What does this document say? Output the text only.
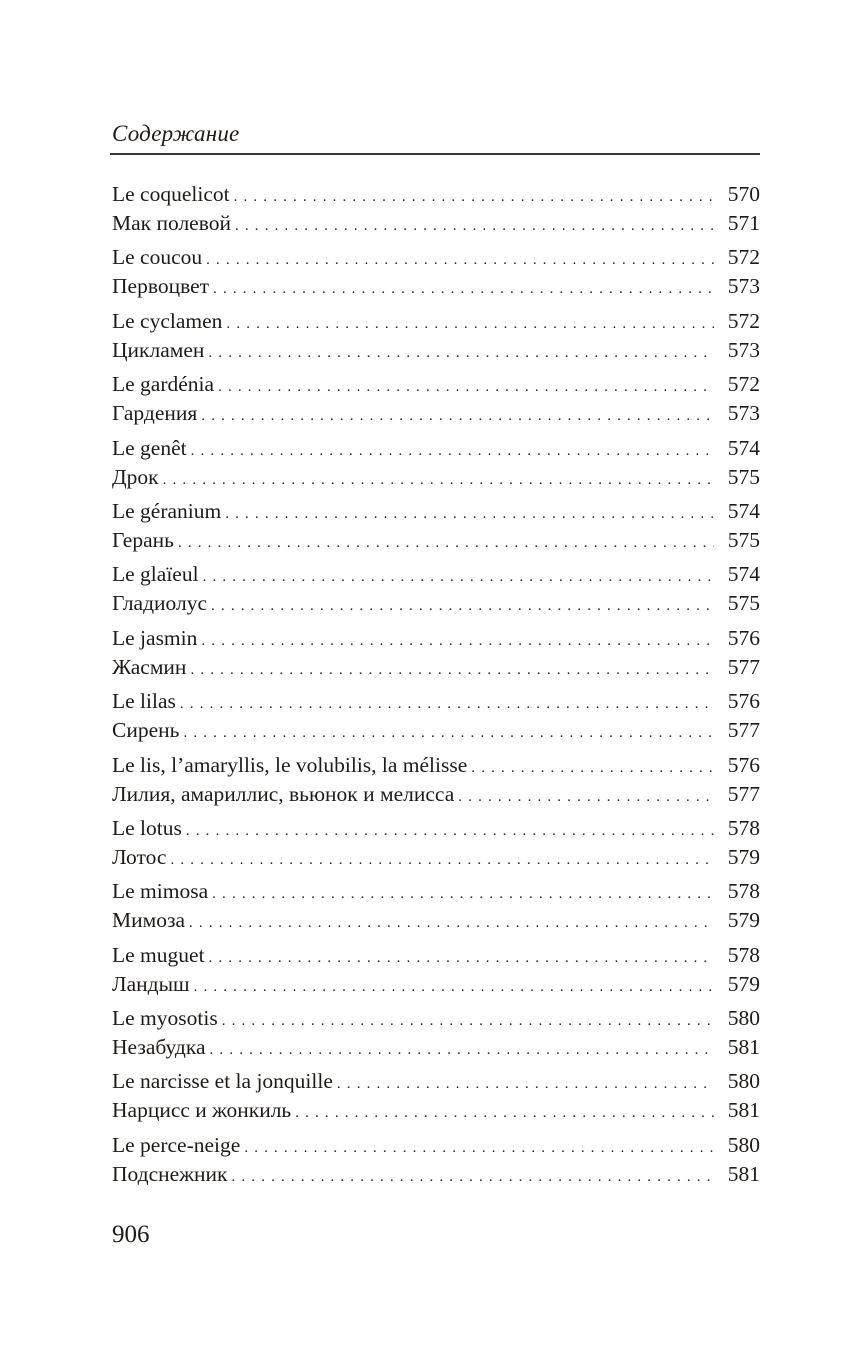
Содержание
Le coquelicot . . .	570
Мак полевой . . .	571
Le coucou . . .	572
Первоцвет . . .	573
Le cyclamen . . .	572
Цикламен . . .	573
Le gardénia . . .	572
Гардения . . .	573
Le genêt . . .	574
Дрок . . .	575
Le géranium . . .	574
Герань . . .	575
Le glaïeul . . .	574
Гладиолус . . .	575
Le jasmin . . .	576
Жасмин . . .	577
Le lilas . . .	576
Сирень . . .	577
Le lis, l’amaryllis, le volubilis, la mélisse . . .	576
Лилия, амариллис, вьюнок и мелисса . . .	577
Le lotus . . .	578
Лотос . . .	579
Le mimosa . . .	578
Мимоза . . .	579
Le muguet . . .	578
Ландыш . . .	579
Le myosotis . . .	580
Незабудка . . .	581
Le narcisse et la jonquille . . .	580
Нарцисс и жонкиль . . .	581
Le perce-neige . . .	580
Подснежник . . .	581
906
